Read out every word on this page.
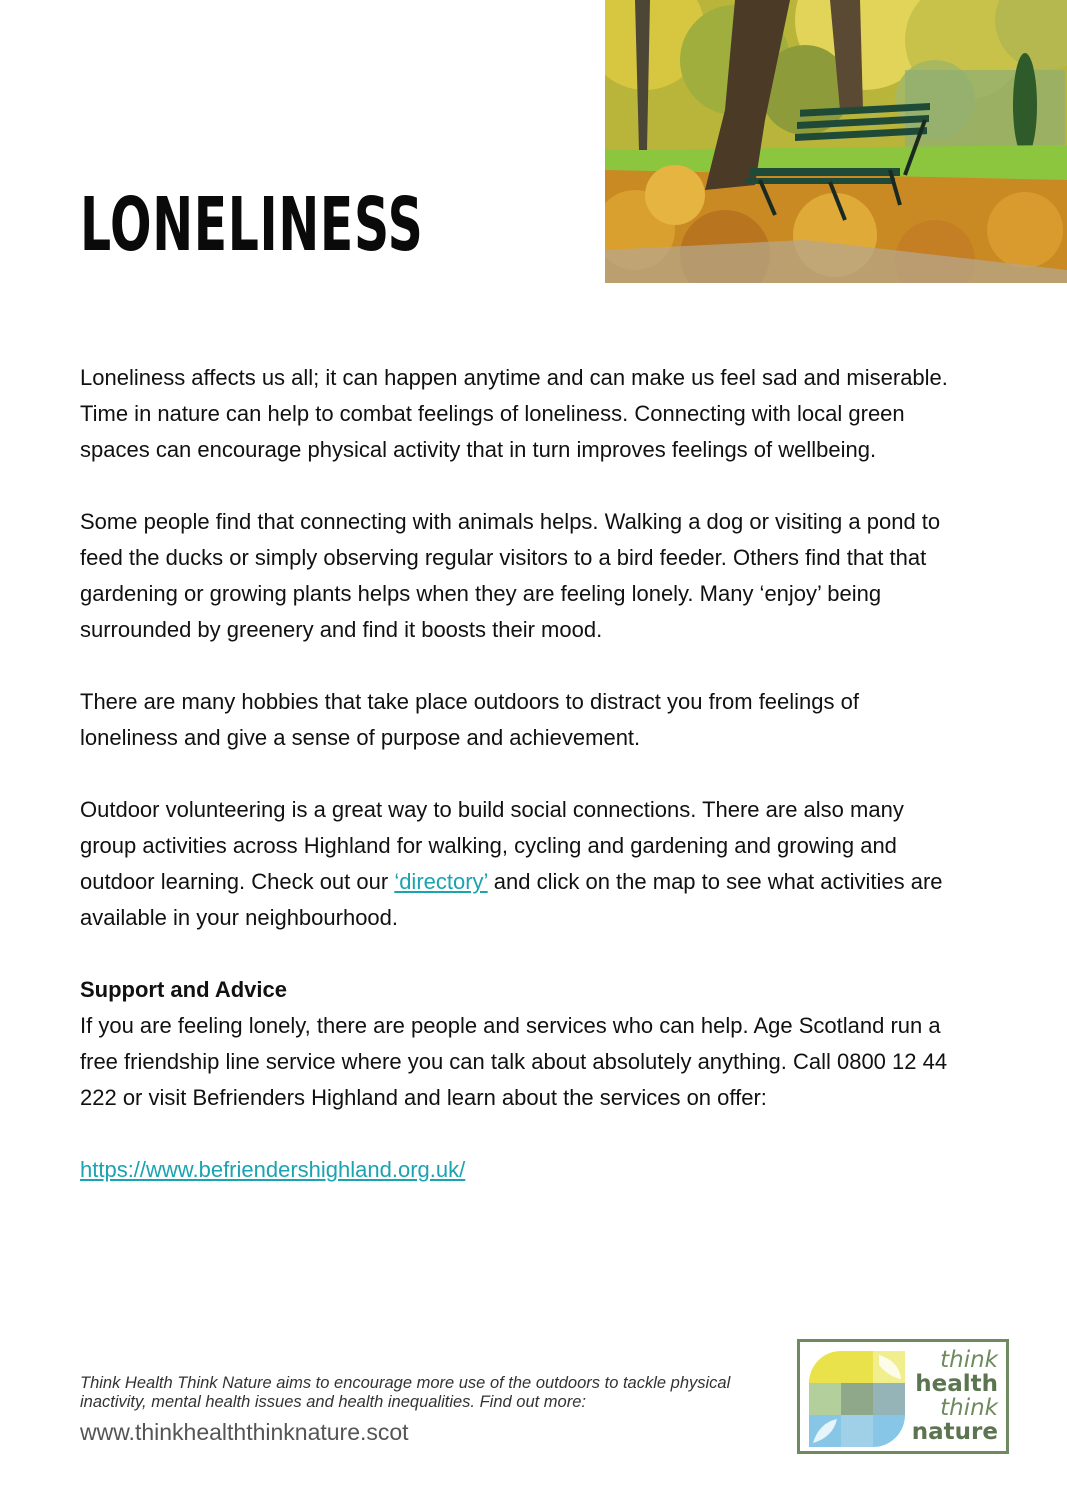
LONELINESS

Loneliness affects us all; it can happen anytime and can make us feel sad and miserable. Time in nature can help to combat feelings of loneliness. Connecting with local green spaces can encourage physical activity that in turn improves feelings of wellbeing.

Some people find that connecting with animals helps. Walking a dog or visiting a pond to feed the ducks or simply observing regular visitors to a bird feeder. Others find that that gardening or growing plants helps when they are feeling lonely. Many ‘enjoy’ being surrounded by greenery and find it boosts their mood.

There are many hobbies that take place outdoors to distract you from feelings of loneliness and give a sense of purpose and achievement.

Outdoor volunteering is a great way to build social connections. There are also many group activities across Highland for walking, cycling and gardening and growing and outdoor learning. Check out our ‘directory’ and click on the map to see what activities are available in your neighbourhood.

Support and Advice
If you are feeling lonely, there are people and services who can help. Age Scotland run a free friendship line service where you can talk about absolutely anything. Call 0800 12 44 222 or visit Befrienders Highland and learn about the services on offer:

https://www.befriendershighland.org.uk/

Think Health Think Nature aims to encourage more use of the outdoors to tackle physical inactivity, mental health issues and health inequalities. Find out more:
www.thinkhealththinknature.scot
think
health
think
nature
